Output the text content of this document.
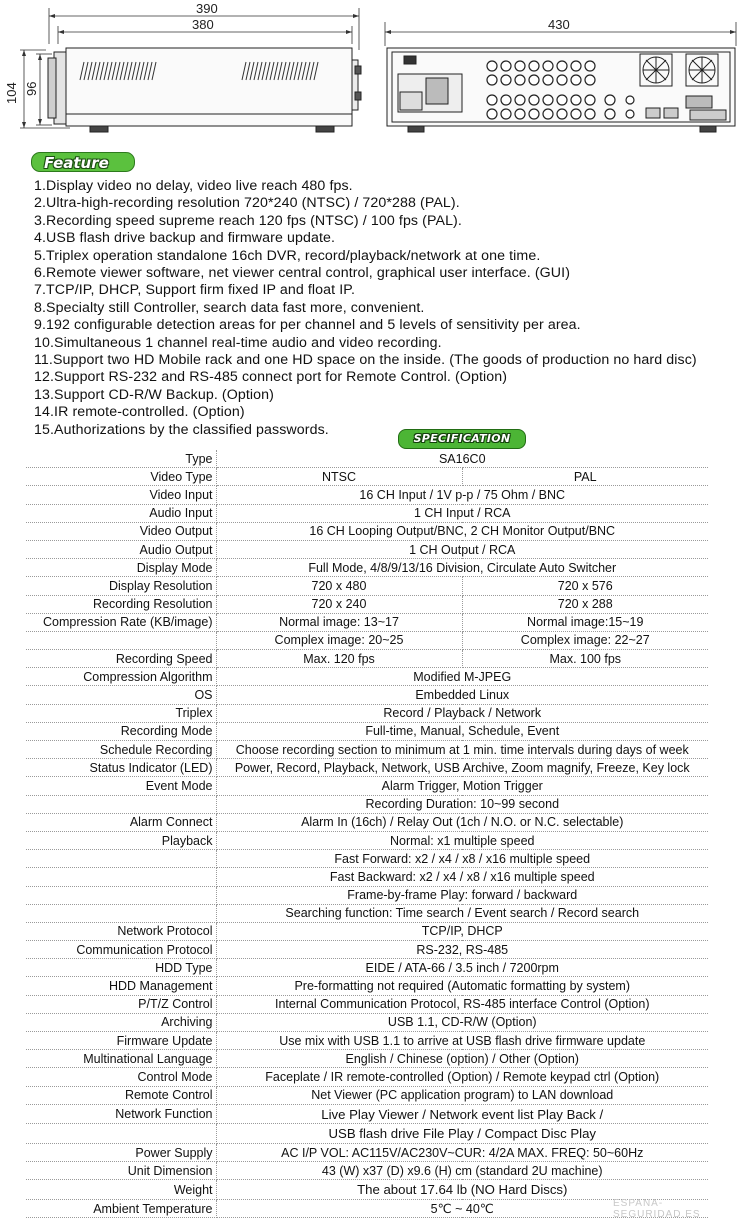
390
380	430
104 96
Feature
1.Display video no delay, video live reach 480 fps.
2.Ultra-high-recording resolution 720*240 (NTSC) / 720*288 (PAL).
3.Recording speed supreme reach 120 fps (NTSC) / 100 fps (PAL).
4.USB flash drive backup and firmware update.
5.Triplex operation standalone 16ch DVR, record/playback/network at one time.
6.Remote viewer software, net viewer central control, graphical user interface. (GUI)
7.TCP/IP, DHCP, Support firm fixed IP and float IP.
8.Specialty still Controller, search data fast more, convenient.
9.192 configurable detection areas for per channel and 5 levels of sensitivity per area.
10.Simultaneous 1 channel real-time audio and video recording.
11.Support two HD Mobile rack and one HD space on the inside. (The goods of production no hard disc)
12.Support RS-232 and RS-485 connect port for Remote Control. (Option)
13.Support CD-R/W Backup. (Option)
14.IR remote-controlled. (Option)
15.Authorizations by the classified passwords.
SPECIFICATION
Type	SA16C0	
Video Type	NTSC	PAL
Video Input	16 CH Input / 1V p-p / 75 Ohm / BNC	
Audio Input	1 CH Input / RCA	
Video Output	16 CH Looping Output/BNC, 2 CH Monitor Output/BNC	
Audio Output	1 CH Output / RCA	
Display Mode	Full Mode, 4/8/9/13/16 Division, Circulate Auto Switcher	
Display Resolution	720 x 480	720 x 576
Recording Resolution	720 x 240	720 x 288
Compression Rate (KB/image)	Normal image: 13~17	Normal image:15~19
	Complex image: 20~25	Complex image: 22~27
Recording Speed	Max. 120 fps	Max. 100 fps
Compression Algorithm	Modified M-JPEG	
OS	Embedded Linux	
Triplex	Record / Playback / Network	
Recording Mode	Full-time, Manual, Schedule, Event	
Schedule Recording	Choose recording section to minimum at 1 min. time intervals during days of week	
Status Indicator (LED)	Power, Record, Playback, Network, USB Archive, Zoom magnify, Freeze, Key lock	
Event Mode	Alarm Trigger, Motion Trigger	
	Recording Duration: 10~99 second	
Alarm Connect	Alarm In (16ch) / Relay Out (1ch / N.O. or N.C. selectable)	
Playback	Normal: x1 multiple speed	
	Fast Forward: x2 / x4 / x8 / x16 multiple speed	
	Fast Backward: x2 / x4 / x8 / x16 multiple speed	
	Frame-by-frame Play: forward / backward	
	Searching function: Time search / Event search / Record search	
Network Protocol	TCP/IP, DHCP	
Communication Protocol	RS-232, RS-485	
HDD Type	EIDE / ATA-66 / 3.5 inch / 7200rpm	
HDD Management	Pre-formatting not required (Automatic formatting by system)	
P/T/Z Control	Internal Communication Protocol, RS-485 interface Control (Option)	
Archiving	USB 1.1, CD-R/W (Option)	
Firmware Update	Use mix with USB 1.1 to arrive at USB flash drive firmware update	
Multinational Language	English / Chinese (option) / Other (Option)	
Control Mode	Faceplate / IR remote-controlled (Option) / Remote keypad ctrl (Option)	
Remote Control	Net Viewer (PC application program) to LAN download	
Network Function	Live Play Viewer / Network event list Play Back /	
	USB flash drive File Play / Compact Disc Play	
Power Supply	AC I/P VOL: AC115V/AC230V~CUR: 4/2A MAX. FREQ: 50~60Hz	
Unit Dimension	43 (W) x37 (D) x9.6 (H) cm (standard 2U machine)	
Weight	The about 17.64 lb (NO Hard Discs)	
Ambient Temperature	5℃ ~ 40℃		ESPANA-SEGURIDAD.ES
